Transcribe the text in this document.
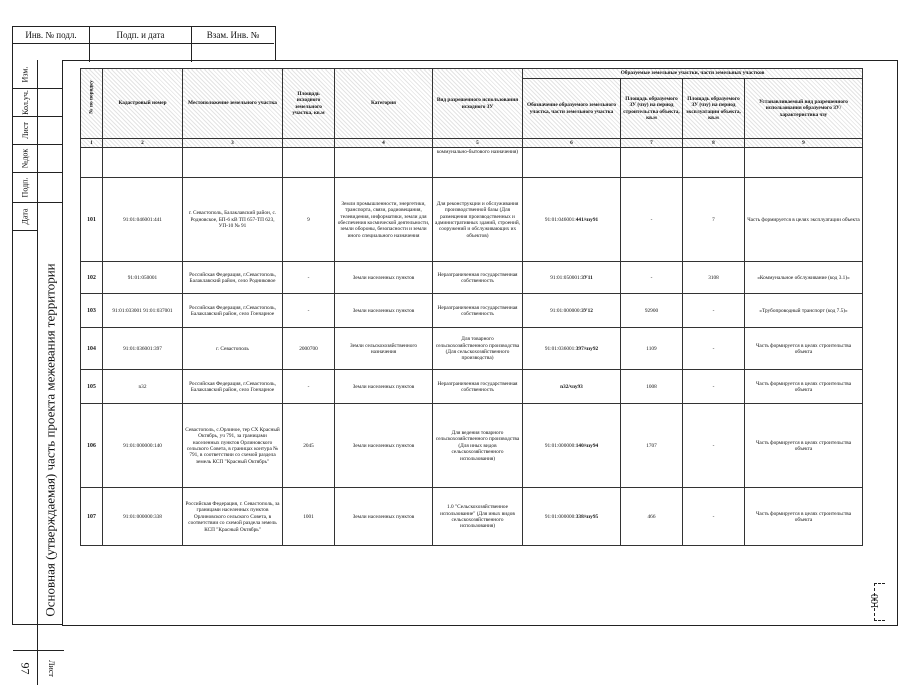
Инв. № подл.	Подп. и дата	Взам. Инв. №
Изм.
Кол.уч.
Лист
№док
Подп.
Дата
Основная (утверждаемая) часть проекта межевания территории
97 Лист
№ по порядку	Кадастровый номер	Местоположение земельного участка	Площадь исходного земельного участка, кв.м	Категория	Вид разрешенного использования исходного ЗУ	Образуемые земельные участки, части земельных участков			
						Обозначение образуемого земельного участка, части земельного участка	Площадь образуемого ЗУ (чзу) на период строительства объекта, кв.м	Площадь образуемого ЗУ (чзу) на период эксплуатации объекта, кв.м	Устанавливаемый вид разрешенного использования образуемого ЗУ/характеристика чзу
1	2	3		4	5	6	7	8	9
					коммунально-бытового назначения)				
101	91:01:046001:441	г. Севастополь, Балаклавский район, с. Родновское, БП-6 кВ ТП 657-ТП 623, УП-10 № 91	9	Земли промышленности, энергетики, транспорта, связи, радиовещания, телевидения, информатики, земли для обеспечения космической деятельности, земли обороны, безопасности и земли иного специального назначения	Для реконструкции и обслуживания производственной базы (Для размещения производственных и административных зданий, строений, сооружений и обслуживающих их объектов)	91:01:046001:441/чзу91	-	7	Часть формируется в целях эксплуатации объекта
102	91:01:050001	Российская Федерация, г.Севастополь, Балаклавский район, село Родниковое	-	Земли населенных пунктов	Неразграниченная государственная собственность	91:01:050001:ЗУ11	-	3108	«Коммунальное обслуживание (код 3.1)»
103	91:01:033001 91:01:037001	Российская Федерация, г.Севастополь, Балаклавский район, село Гончарное	-	Земли населенных пунктов	Неразграниченная государственная собственность	91:01:000000:ЗУ12	92900	-	«Трубопроводный транспорт (код 7.5)»
104	91:01:036001:397	г. Севастополь	2000700	Земли сельскохозяйственного назначения	Для товарного сельскохозяйственного производства (Для сельскохозяйственного производства)	91:01:036001:397/чзу92	1109	-	Часть формируется в целях строительства объекта
105	n32	Российская Федерация, г.Севастополь, Балаклавский район, село Гончарное	-	Земли населенных пунктов	Неразграниченная государственная собственность	n32/чзу93	1008	-	Часть формируется в целях строительства объекта
106	91:01:000000:140	Севастополь, с.Орлиное, тер СХ Красный Октябрь, уч 791, за границами населенных пунктов Орлиновского сельского Совета, в границах контура № 791, в соответствии со схемой раздела земель КСП "Красный Октябрь"	2045	Земли населенных пунктов	Для ведения товарного сельскохозяйственного производства (Для иных видов сельскохозяйственного использования)	91:01:000000:140/чзу94	1707	-	Часть формируется в целях строительства объекта
107	91:01:000000:338	Российская Федерация, г. Севастополь, за границами населенных пунктов Орлиновского сельского Совета, в соответствии со схемой раздела земель КСП "Красный Октябрь"	1001	Земли населенных пунктов	1.0 "Сельскохозяйственное использование" (Для иных видов сельскохозяйственного использования)	91:01:000000:338/чзу95	466	-	Часть формируется в целях строительства объекта
100
